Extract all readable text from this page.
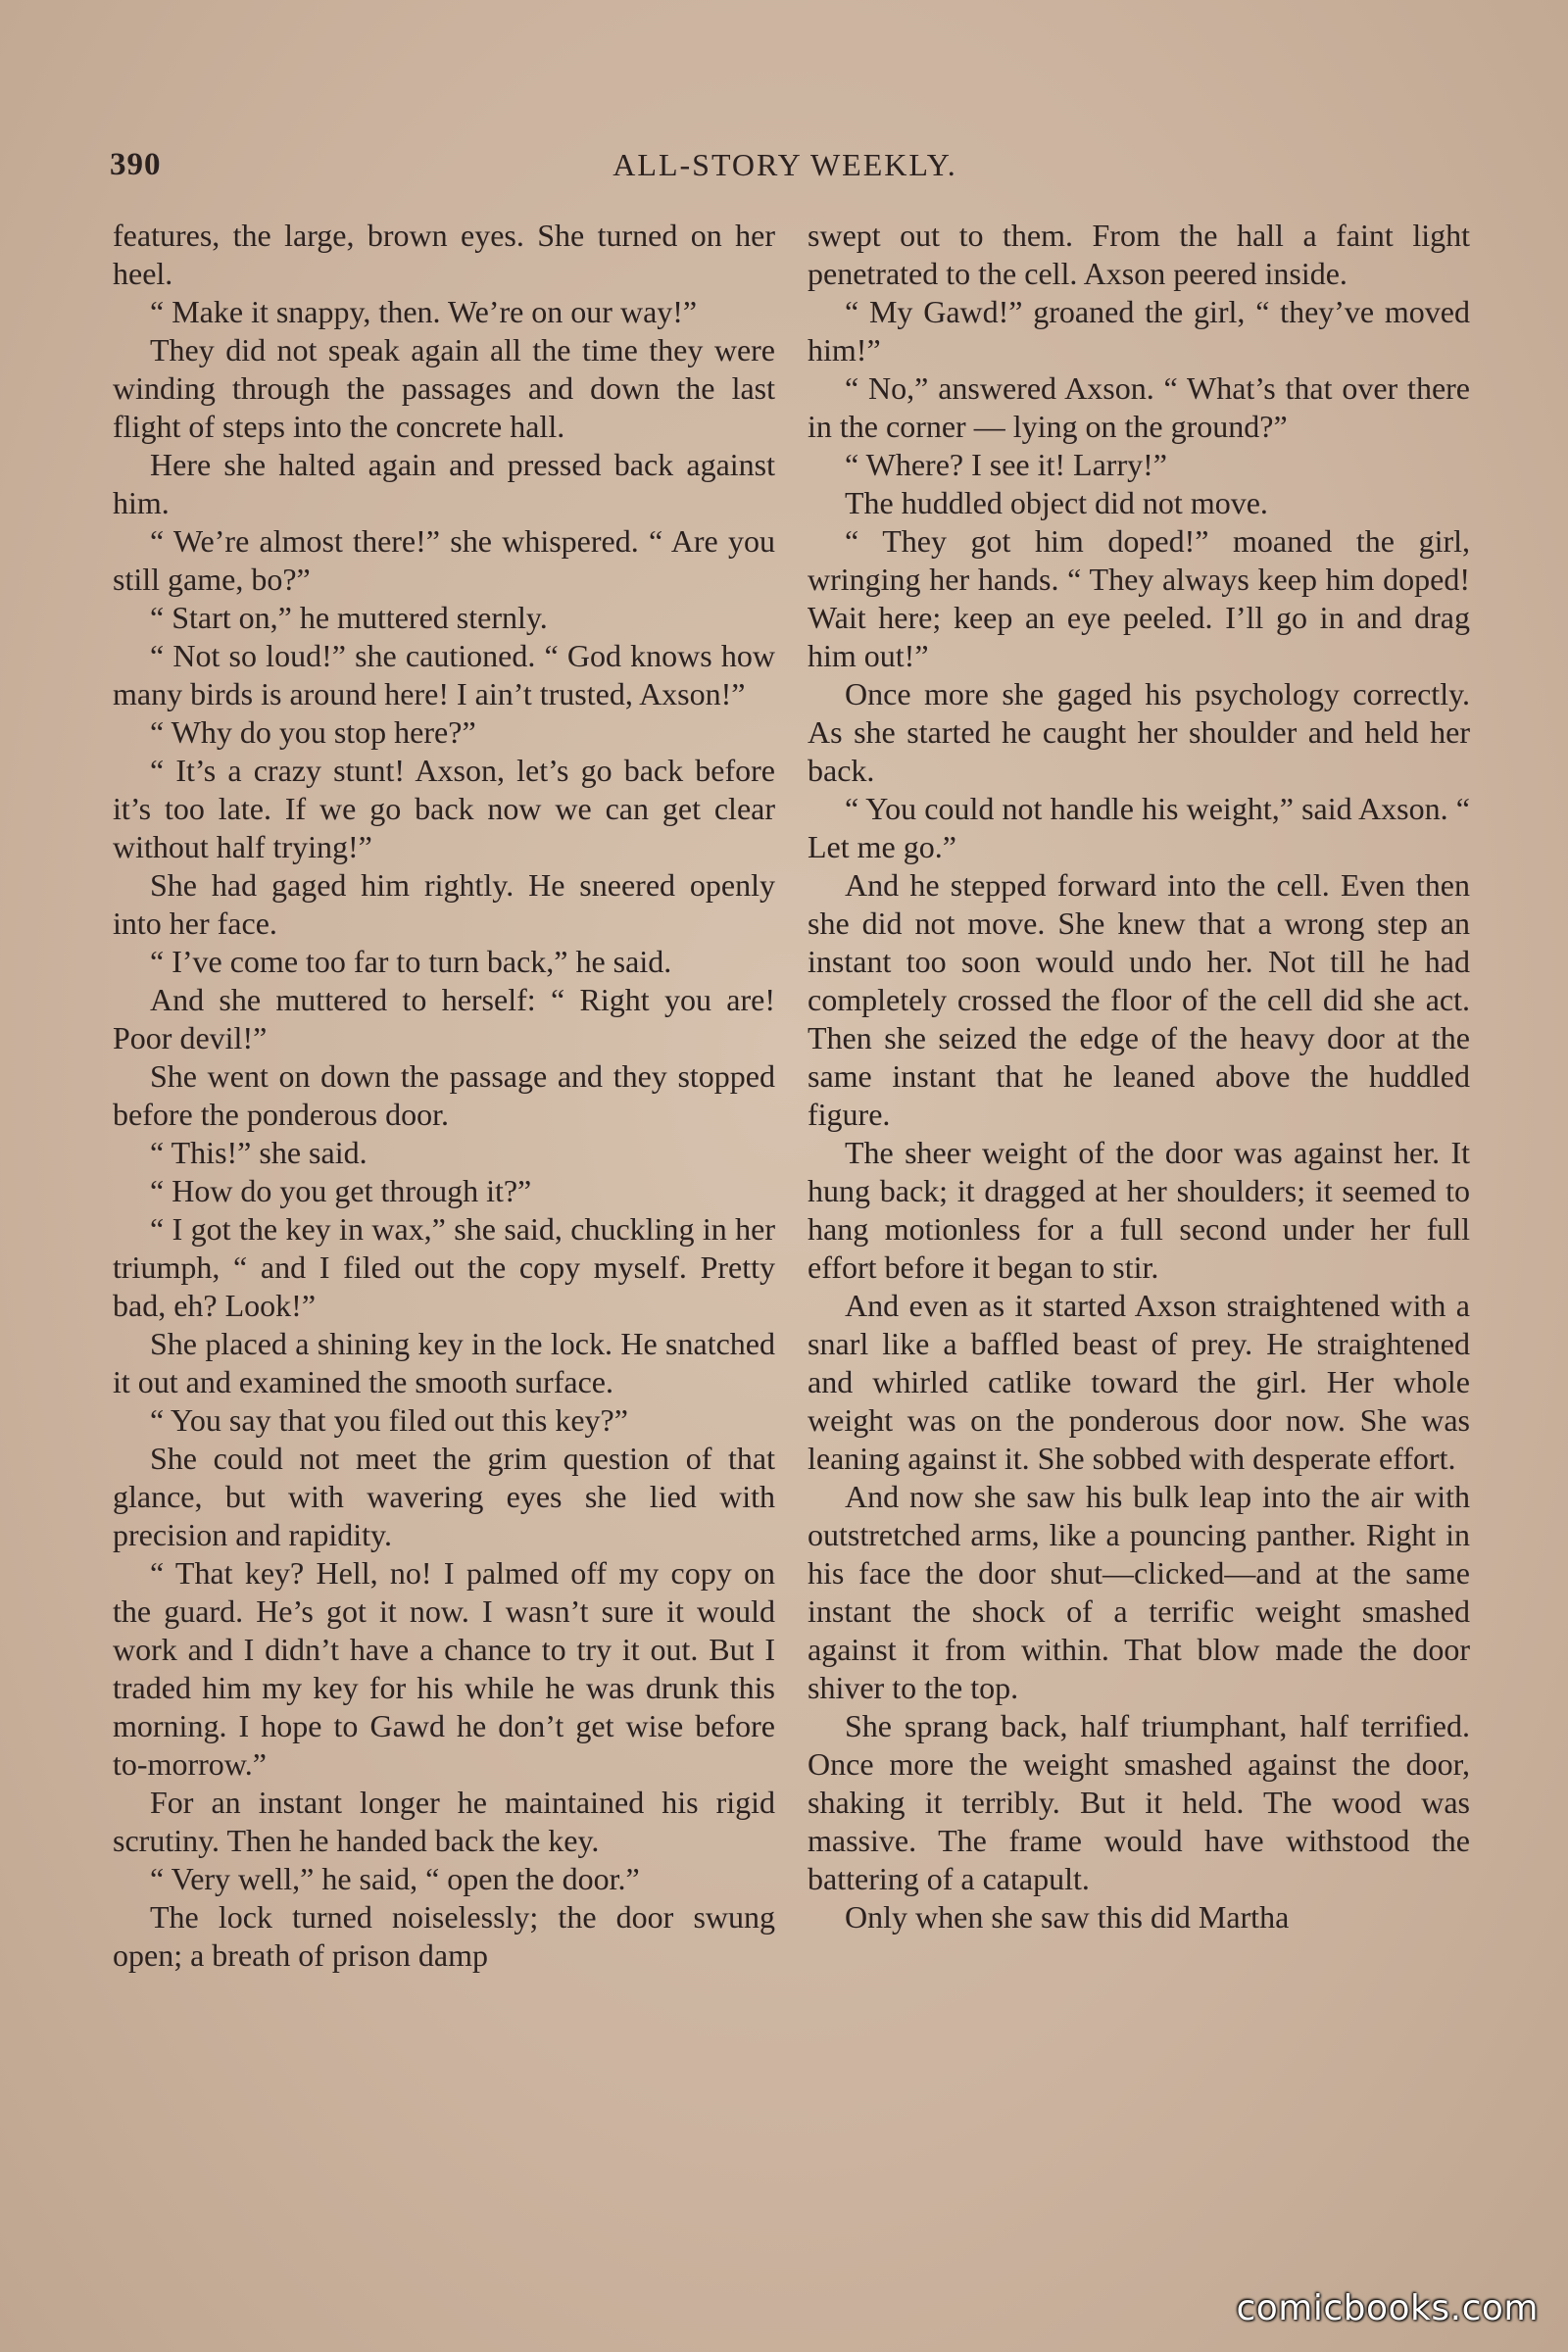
390	ALL-STORY WEEKLY.

features, the large, brown eyes. She turned on her heel.

“ Make it snappy, then. We’re on our way!”

They did not speak again all the time they were winding through the passages and down the last flight of steps into the concrete hall.

Here she halted again and pressed back against him.

“ We’re almost there!” she whispered. “ Are you still game, bo?”

“ Start on,” he muttered sternly.

“ Not so loud!” she cautioned. “ God knows how many birds is around here! I ain’t trusted, Axson!”

“ Why do you stop here?”

“ It’s a crazy stunt! Axson, let’s go back before it’s too late. If we go back now we can get clear without half trying!”

She had gaged him rightly. He sneered openly into her face.

“ I’ve come too far to turn back,” he said.

And she muttered to herself: “ Right you are! Poor devil!”

She went on down the passage and they stopped before the ponderous door.

“ This!” she said.

“ How do you get through it?”

“ I got the key in wax,” she said, chuckling in her triumph, “ and I filed out the copy myself. Pretty bad, eh? Look!”

She placed a shining key in the lock. He snatched it out and examined the smooth surface.

“ You say that you filed out this key?”

She could not meet the grim question of that glance, but with wavering eyes she lied with precision and rapidity.

“ That key? Hell, no! I palmed off my copy on the guard. He’s got it now. I wasn’t sure it would work and I didn’t have a chance to try it out. But I traded him my key for his while he was drunk this morning. I hope to Gawd he don’t get wise before to-morrow.”

For an instant longer he maintained his rigid scrutiny. Then he handed back the key.

“ Very well,” he said, “ open the door.”

The lock turned noiselessly; the door swung open; a breath of prison damp

swept out to them. From the hall a faint light penetrated to the cell. Axson peered inside.

“ My Gawd!” groaned the girl, “ they’ve moved him!”

“ No,” answered Axson. “ What’s that over there in the corner — lying on the ground?”

“ Where? I see it! Larry!”

The huddled object did not move.

“ They got him doped!” moaned the girl, wringing her hands. “ They always keep him doped! Wait here; keep an eye peeled. I’ll go in and drag him out!”

Once more she gaged his psychology correctly. As she started he caught her shoulder and held her back.

“ You could not handle his weight,” said Axson. “ Let me go.”

And he stepped forward into the cell. Even then she did not move. She knew that a wrong step an instant too soon would undo her. Not till he had completely crossed the floor of the cell did she act. Then she seized the edge of the heavy door at the same instant that he leaned above the huddled figure.

The sheer weight of the door was against her. It hung back; it dragged at her shoulders; it seemed to hang motionless for a full second under her full effort before it began to stir.

And even as it started Axson straightened with a snarl like a baffled beast of prey. He straightened and whirled catlike toward the girl. Her whole weight was on the ponderous door now. She was leaning against it. She sobbed with desperate effort.

And now she saw his bulk leap into the air with outstretched arms, like a pouncing panther. Right in his face the door shut—clicked—and at the same instant the shock of a terrific weight smashed against it from within. That blow made the door shiver to the top.

She sprang back, half triumphant, half terrified. Once more the weight smashed against the door, shaking it terribly. But it held. The wood was massive. The frame would have withstood the battering of a catapult.

Only when she saw this did Martha

comicbooks.com
